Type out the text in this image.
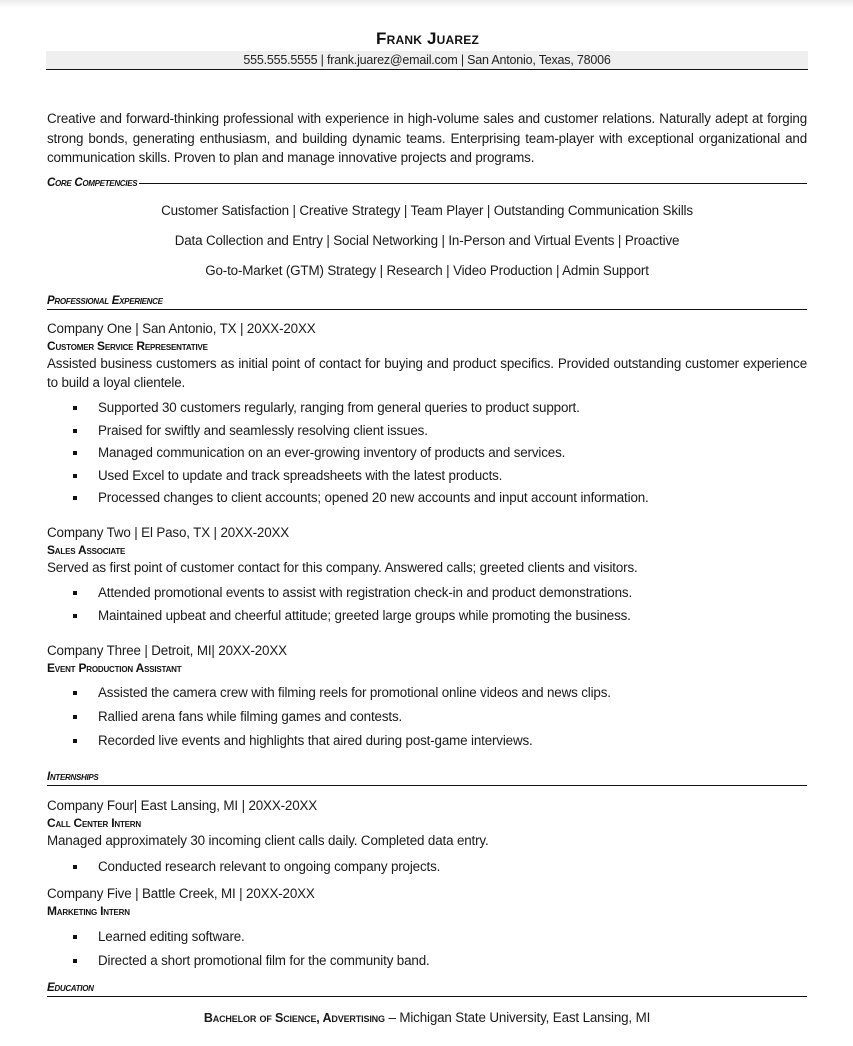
Frank Juarez
555.555.5555 | frank.juarez@email.com | San Antonio, Texas, 78006
Creative and forward-thinking professional with experience in high-volume sales and customer relations. Naturally adept at forging strong bonds, generating enthusiasm, and building dynamic teams. Enterprising team-player with exceptional organizational and communication skills. Proven to plan and manage innovative projects and programs.
Core Competencies
Customer Satisfaction | Creative Strategy | Team Player | Outstanding Communication Skills
Data Collection and Entry | Social Networking | In-Person and Virtual Events | Proactive
Go-to-Market (GTM) Strategy | Research | Video Production | Admin Support
Professional Experience
Company One | San Antonio, TX | 20XX-20XX
Customer Service Representative
Assisted business customers as initial point of contact for buying and product specifics. Provided outstanding customer experience to build a loyal clientele.
Supported 30 customers regularly, ranging from general queries to product support.
Praised for swiftly and seamlessly resolving client issues.
Managed communication on an ever-growing inventory of products and services.
Used Excel to update and track spreadsheets with the latest products.
Processed changes to client accounts; opened 20 new accounts and input account information.
Company Two | El Paso, TX | 20XX-20XX
Sales Associate
Served as first point of customer contact for this company. Answered calls; greeted clients and visitors.
Attended promotional events to assist with registration check-in and product demonstrations.
Maintained upbeat and cheerful attitude; greeted large groups while promoting the business.
Company Three | Detroit, MI| 20XX-20XX
Event Production Assistant
Assisted the camera crew with filming reels for promotional online videos and news clips.
Rallied arena fans while filming games and contests.
Recorded live events and highlights that aired during post-game interviews.
Internships
Company Four| East Lansing, MI | 20XX-20XX
Call Center Intern
Managed approximately 30 incoming client calls daily. Completed data entry.
Conducted research relevant to ongoing company projects.
Company Five | Battle Creek, MI | 20XX-20XX
Marketing Intern
Learned editing software.
Directed a short promotional film for the community band.
Education
Bachelor of Science, Advertising – Michigan State University, East Lansing, MI
